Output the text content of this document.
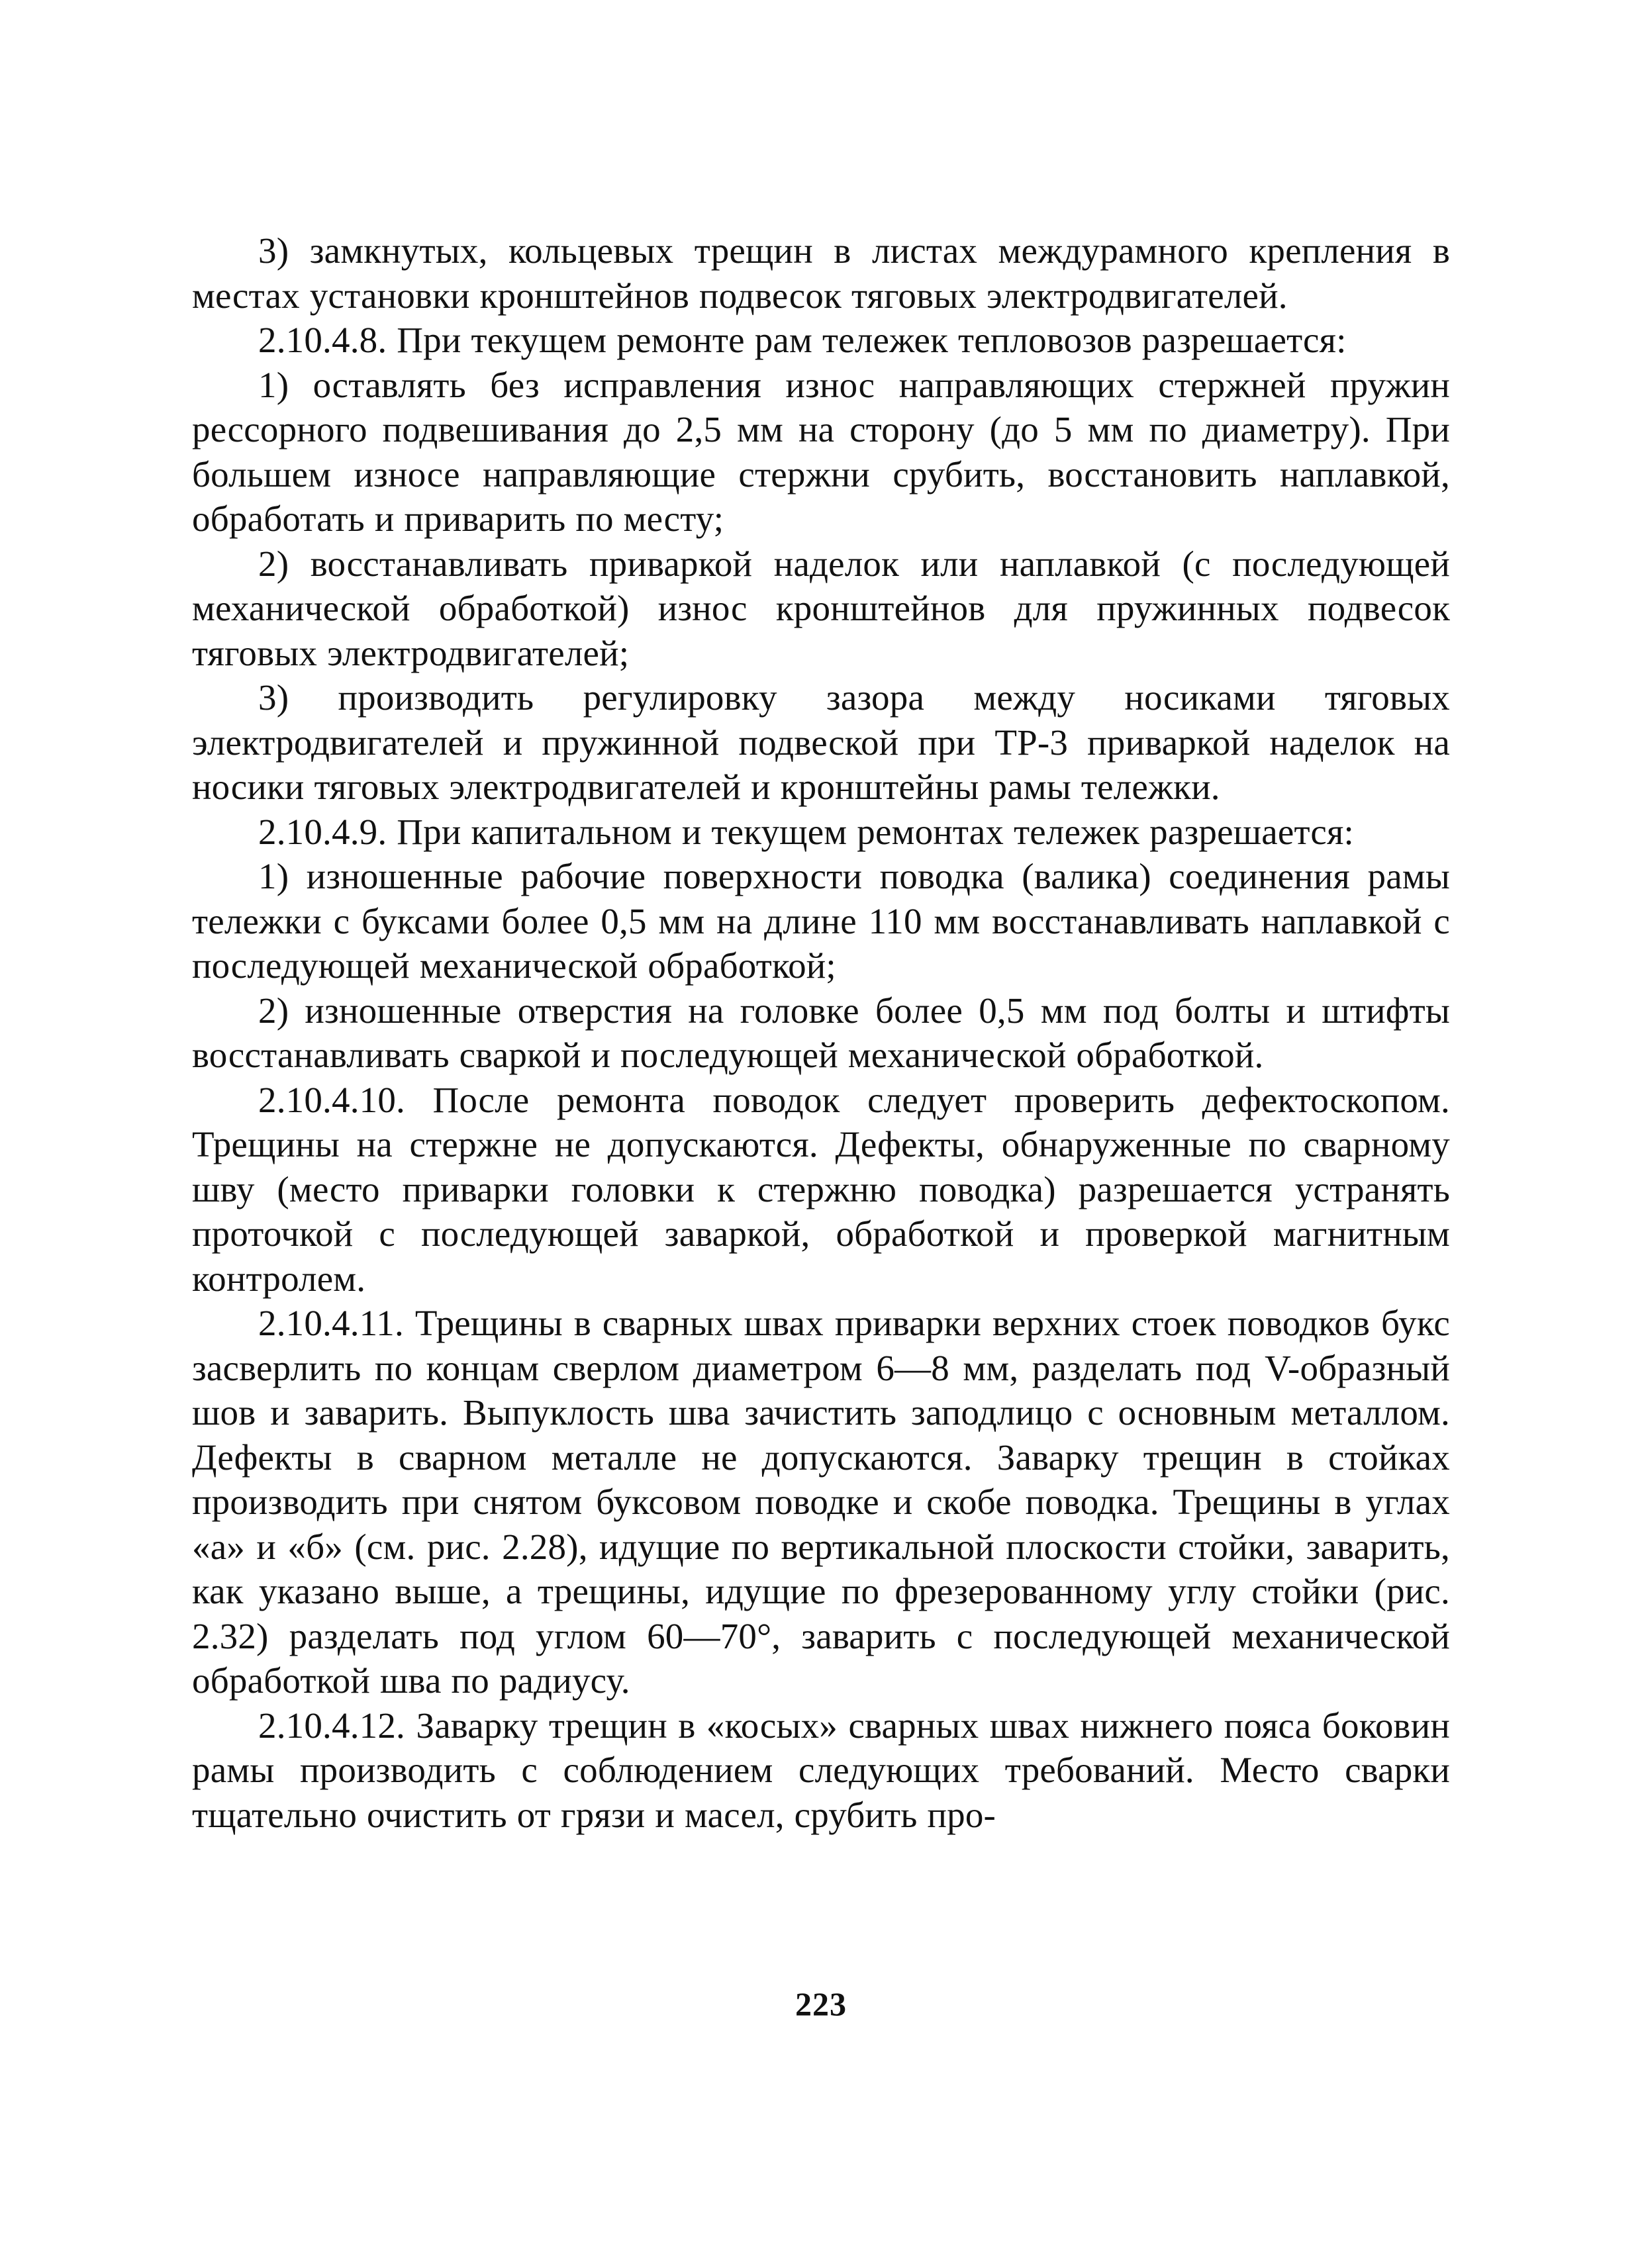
3) замкнутых, кольцевых трещин в листах междурамного крепления в местах установки кронштейнов подвесок тяговых электродвигателей.

2.10.4.8. При текущем ремонте рам тележек тепловозов разрешается:

1) оставлять без исправления износ направляющих стержней пружин рессорного подвешивания до 2,5 мм на сторону (до 5 мм по диаметру). При большем износе направляющие стержни срубить, восстановить наплавкой, обработать и приварить по месту;

2) восстанавливать приваркой наделок или наплавкой (с последующей механической обработкой) износ кронштейнов для пружинных подвесок тяговых электродвигателей;

3) производить регулировку зазора между носиками тяговых электродвигателей и пружинной подвеской при ТР-3 приваркой наделок на носики тяговых электродвигателей и кронштейны рамы тележки.

2.10.4.9. При капитальном и текущем ремонтах тележек разрешается:

1) изношенные рабочие поверхности поводка (валика) соединения рамы тележки с буксами более 0,5 мм на длине 110 мм восстанавливать наплавкой с последующей механической обработкой;

2) изношенные отверстия на головке более 0,5 мм под болты и штифты восстанавливать сваркой и последующей механической обработкой.

2.10.4.10. После ремонта поводок следует проверить дефектоскопом. Трещины на стержне не допускаются. Дефекты, обнаруженные по сварному шву (место приварки головки к стержню поводка) разрешается устранять проточкой с последующей заваркой, обработкой и проверкой магнитным контролем.

2.10.4.11. Трещины в сварных швах приварки верхних стоек поводков букс засверлить по концам сверлом диаметром 6—8 мм, разделать под V-образный шов и заварить. Выпуклость шва зачистить заподлицо с основным металлом. Дефекты в сварном металле не допускаются. Заварку трещин в стойках производить при снятом буксовом поводке и скобе поводка. Трещины в углах «а» и «б» (см. рис. 2.28), идущие по вертикальной плоскости стойки, заварить, как указано выше, а трещины, идущие по фрезерованному углу стойки (рис. 2.32) разделать под углом 60—70°, заварить с последующей механической обработкой шва по радиусу.

2.10.4.12. Заварку трещин в «косых» сварных швах нижнего пояса боковин рамы производить с соблюдением следующих требований. Место сварки тщательно очистить от грязи и масел, срубить про-

223
